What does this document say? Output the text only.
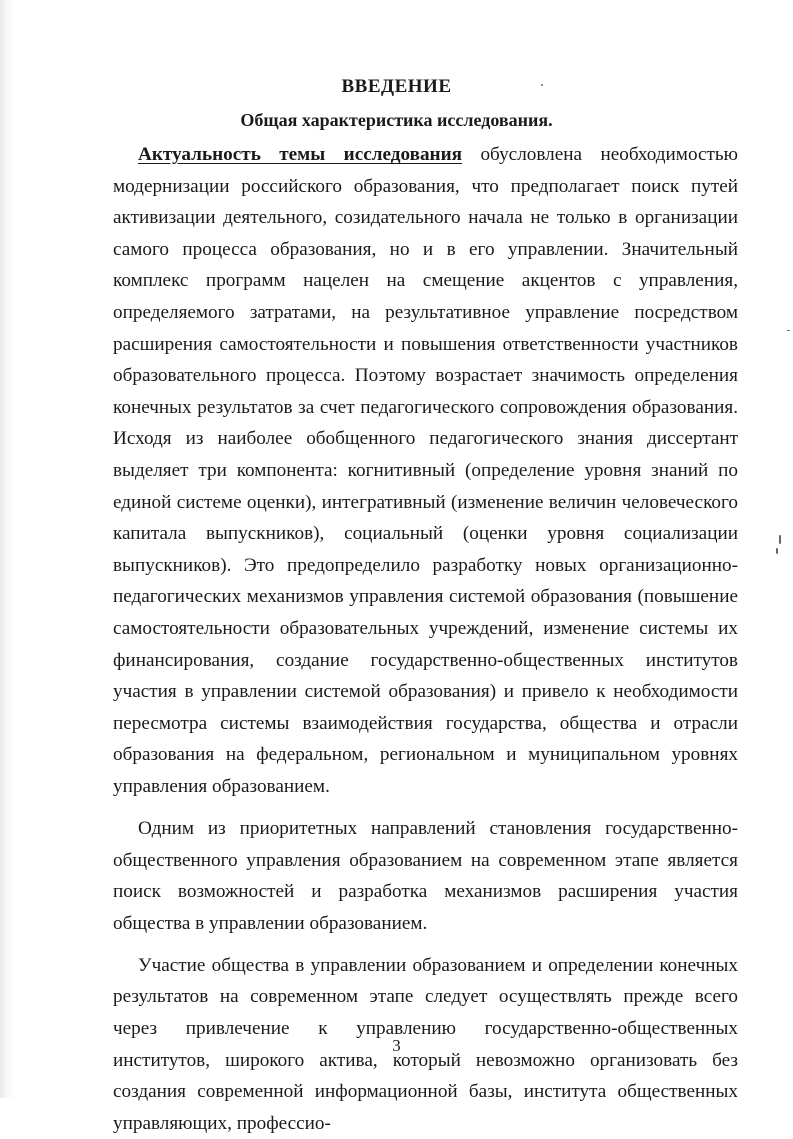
ВВЕДЕНИЕ
Общая характеристика исследования.

Актуальность темы исследования обусловлена необходимостью модернизации российского образования, что предполагает поиск путей активизации деятельного, созидательного начала не только в организации самого процесса образования, но и в его управлении. Значительный комплекс программ нацелен на смещение акцентов с управления, определяемого затратами, на результативное управление посредством расширения самостоятельности и повышения ответственности участников образовательного процесса. Поэтому возрастает значимость определения конечных результатов за счет педагогического сопровождения образования. Исходя из наиболее обобщенного педагогического знания диссертант выделяет три компонента: когнитивный (определение уровня знаний по единой системе оценки), интегративный (изменение величин человеческого капитала выпускников), социальный (оценки уровня социализации выпускников). Это предопределило разработку новых организационно-педагогических механизмов управления системой образования (повышение самостоятельности образовательных учреждений, изменение системы их финансирования, создание государственно-общественных институтов участия в управлении системой образования) и привело к необходимости пересмотра системы взаимодействия государства, общества и отрасли образования на федеральном, региональном и муниципальном уровнях управления образованием.

Одним из приоритетных направлений становления государственно-общественного управления образованием на современном этапе является поиск возможностей и разработка механизмов расширения участия общества в управлении образованием.

Участие общества в управлении образованием и определении конечных результатов на современном этапе следует осуществлять прежде всего через привлечение к управлению государственно-общественных институтов, широкого актива, который невозможно организовать без создания современной информационной базы, института общественных управляющих, профессио-

3
